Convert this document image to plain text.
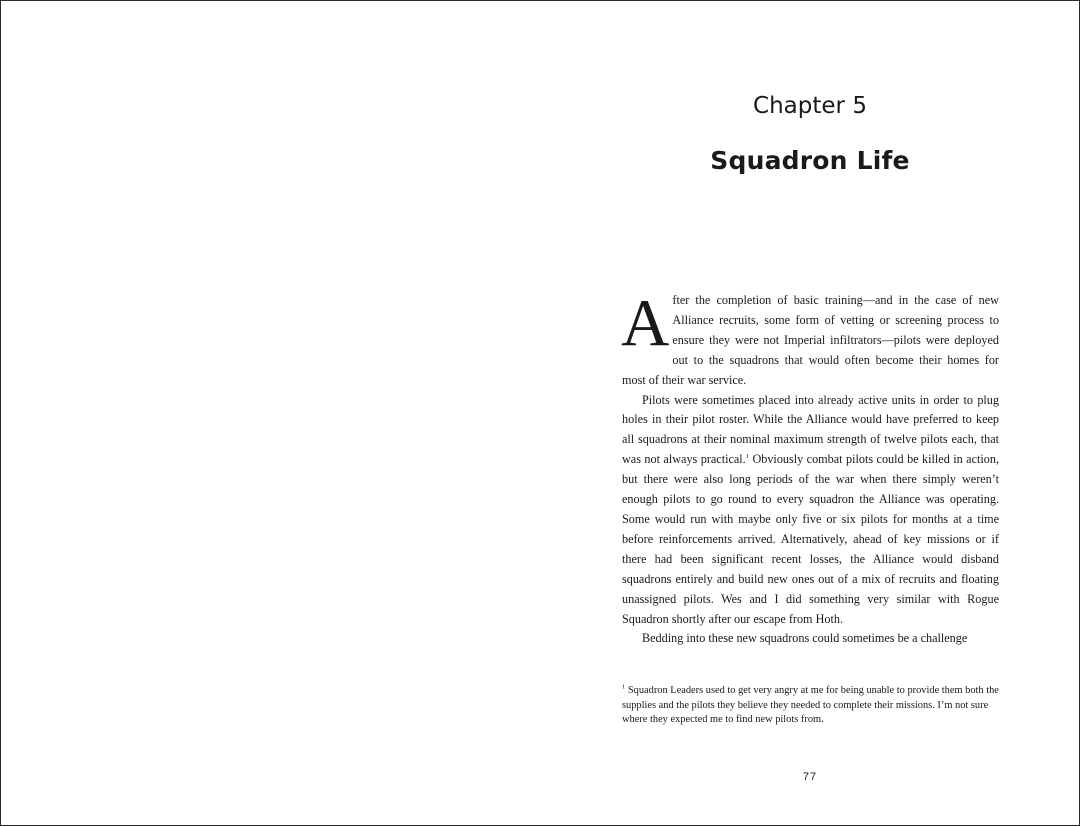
Chapter 5
Squadron Life

After the completion of basic training—and in the case of new Alliance recruits, some form of vetting or screening process to ensure they were not Imperial infiltrators—pilots were deployed out to the squadrons that would often become their homes for most of their war service.

Pilots were sometimes placed into already active units in order to plug holes in their pilot roster. While the Alliance would have preferred to keep all squadrons at their nominal maximum strength of twelve pilots each, that was not always practical.$^1$ Obviously combat pilots could be killed in action, but there were also long periods of the war when there simply weren’t enough pilots to go round to every squadron the Alliance was operating. Some would run with maybe only five or six pilots for months at a time before reinforcements arrived. Alternatively, ahead of key missions or if there had been significant recent losses, the Alliance would disband squadrons entirely and build new ones out of a mix of recruits and floating unassigned pilots. Wes and I did something very similar with Rogue Squadron shortly after our escape from Hoth.

Bedding into these new squadrons could sometimes be a challenge

$^1$ Squadron Leaders used to get very angry at me for being unable to provide them both the supplies and the pilots they believe they needed to complete their missions. I’m not sure where they expected me to find new pilots from.
77
